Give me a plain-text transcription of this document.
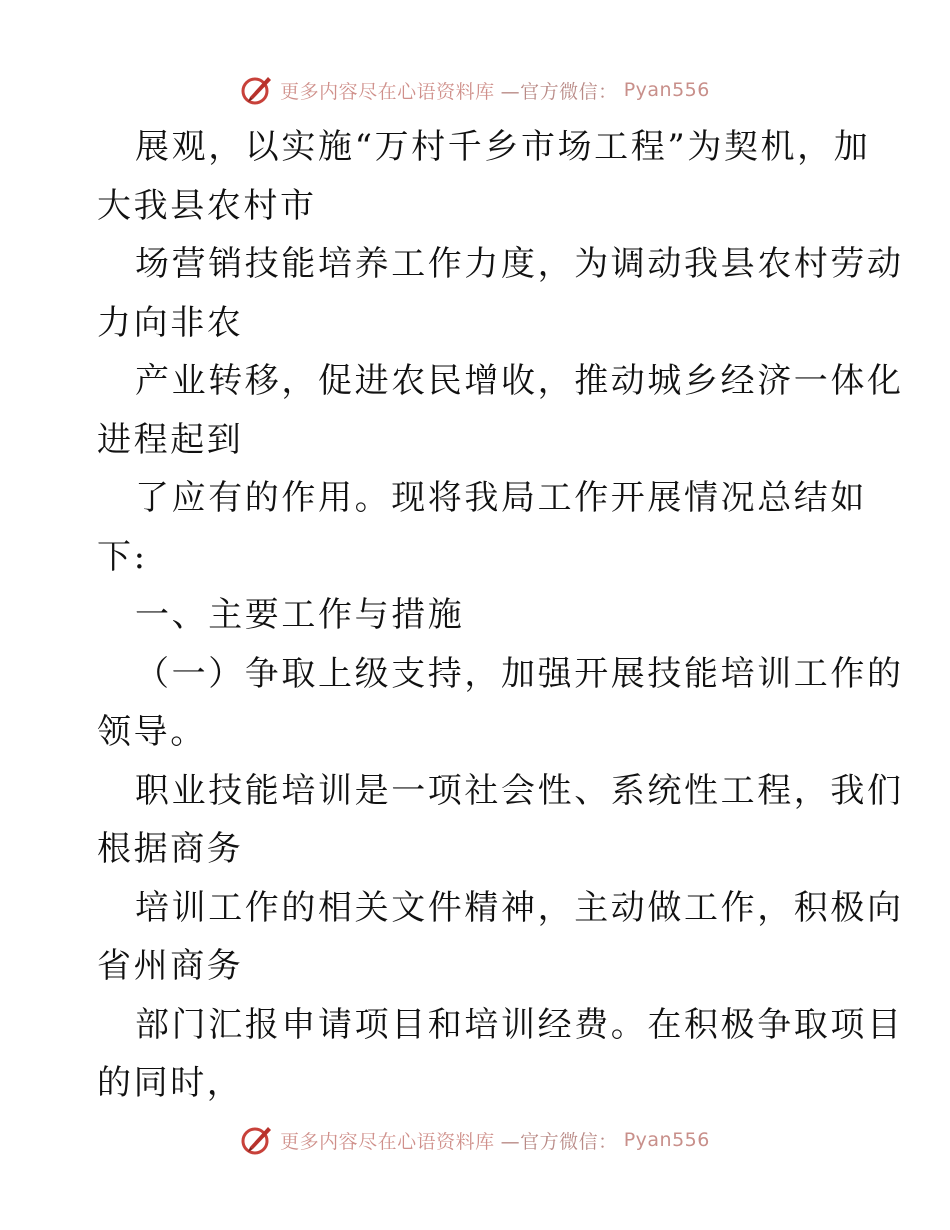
更多内容尽在心语资料库 —官方微信： Pyan556
展观，以实施“万村千乡市场工程”为契机，加
大我县农村市
场营销技能培养工作力度，为调动我县农村劳动
力向非农
产业转移，促进农民增收，推动城乡经济一体化
进程起到
了应有的作用。现将我局工作开展情况总结如
下:
一、主要工作与措施
（一）争取上级支持，加强开展技能培训工作的
领导。
职业技能培训是一项社会性、系统性工程，我们
根据商务
培训工作的相关文件精神，主动做工作，积极向
省州商务
部门汇报申请项目和培训经费。在积极争取项目
的同时，
更多内容尽在心语资料库 —官方微信： Pyan556
